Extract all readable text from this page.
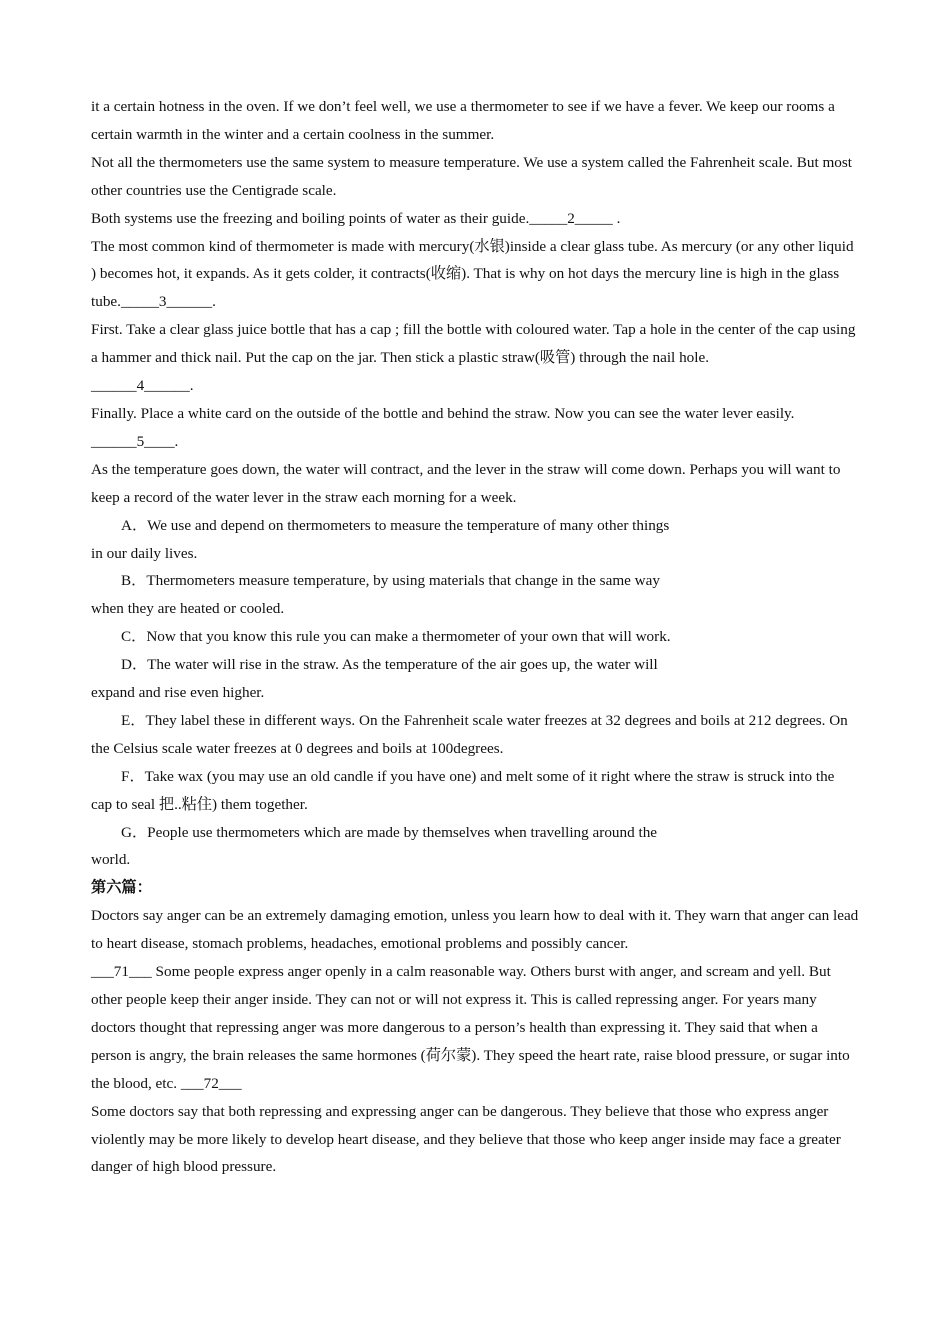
it a certain hotness in the oven. If we don’t feel well, we use a thermometer to see if we have a fever. We keep our rooms a certain warmth in the winter and a certain coolness in the summer.

Not all the thermometers use the same system to measure temperature. We use a system called the Fahrenheit scale. But most other countries use the Centigrade scale.

Both systems use the freezing and boiling points of water as their guide._____2_____ .

The most common kind of thermometer is made with mercury(水银)inside a clear glass tube. As mercury (or any other liquid ) becomes hot, it expands. As it gets colder, it contracts(收缩). That is why on hot days the mercury line is high in the glass tube._____3______.

First. Take a clear glass juice bottle that has a cap ; fill the bottle with coloured water. Tap a hole in the center of the cap using a hammer and thick nail. Put the cap on the jar. Then stick a plastic straw(吸管) through the nail hole.

______4______.

Finally. Place a white card on the outside of the bottle and behind the straw. Now you can see the water lever easily.

______5____.

As the temperature goes down, the water will contract, and the lever in the straw will come down. Perhaps you will want to keep a record of the water lever in the straw each morning for a week.

A．We use and depend on thermometers to measure the temperature of many other things

in our daily lives.

B．Thermometers measure temperature, by using materials that change in the same way

when they are heated or cooled.

C．Now that you know this rule you can make a thermometer of your own that will work.

D．The water will rise in the straw. As the temperature of the air goes up, the water will

expand and rise even higher.

E．They label these in different ways. On the Fahrenheit scale water freezes at 32 degrees and boils at 212 degrees. On the Celsius scale water freezes at 0 degrees and boils at 100degrees.

F．Take wax (you may use an old candle if you have one) and melt some of it right where the straw is struck into the cap to seal 把..粘住) them together.

G．People use thermometers which are made by themselves when travelling around the

world.

第六篇：

Doctors say anger can be an extremely damaging emotion, unless you learn how to deal with it. They warn that anger can lead to heart disease, stomach problems, headaches, emotional problems and possibly cancer.

___71___ Some people express anger openly in a calm reasonable way. Others burst with anger, and scream and yell. But other people keep their anger inside. They can not or will not express it. This is called repressing anger. For years many doctors thought that repressing anger was more dangerous to a person’s health than expressing it. They said that when a person is angry, the brain releases the same hormones (荷尔蒙). They speed the heart rate, raise blood pressure, or sugar into the blood, etc. ___72___

Some doctors say that both repressing and expressing anger can be dangerous. They believe that those who express anger violently may be more likely to develop heart disease, and they believe that those who keep anger inside may face a greater danger of high blood pressure.
